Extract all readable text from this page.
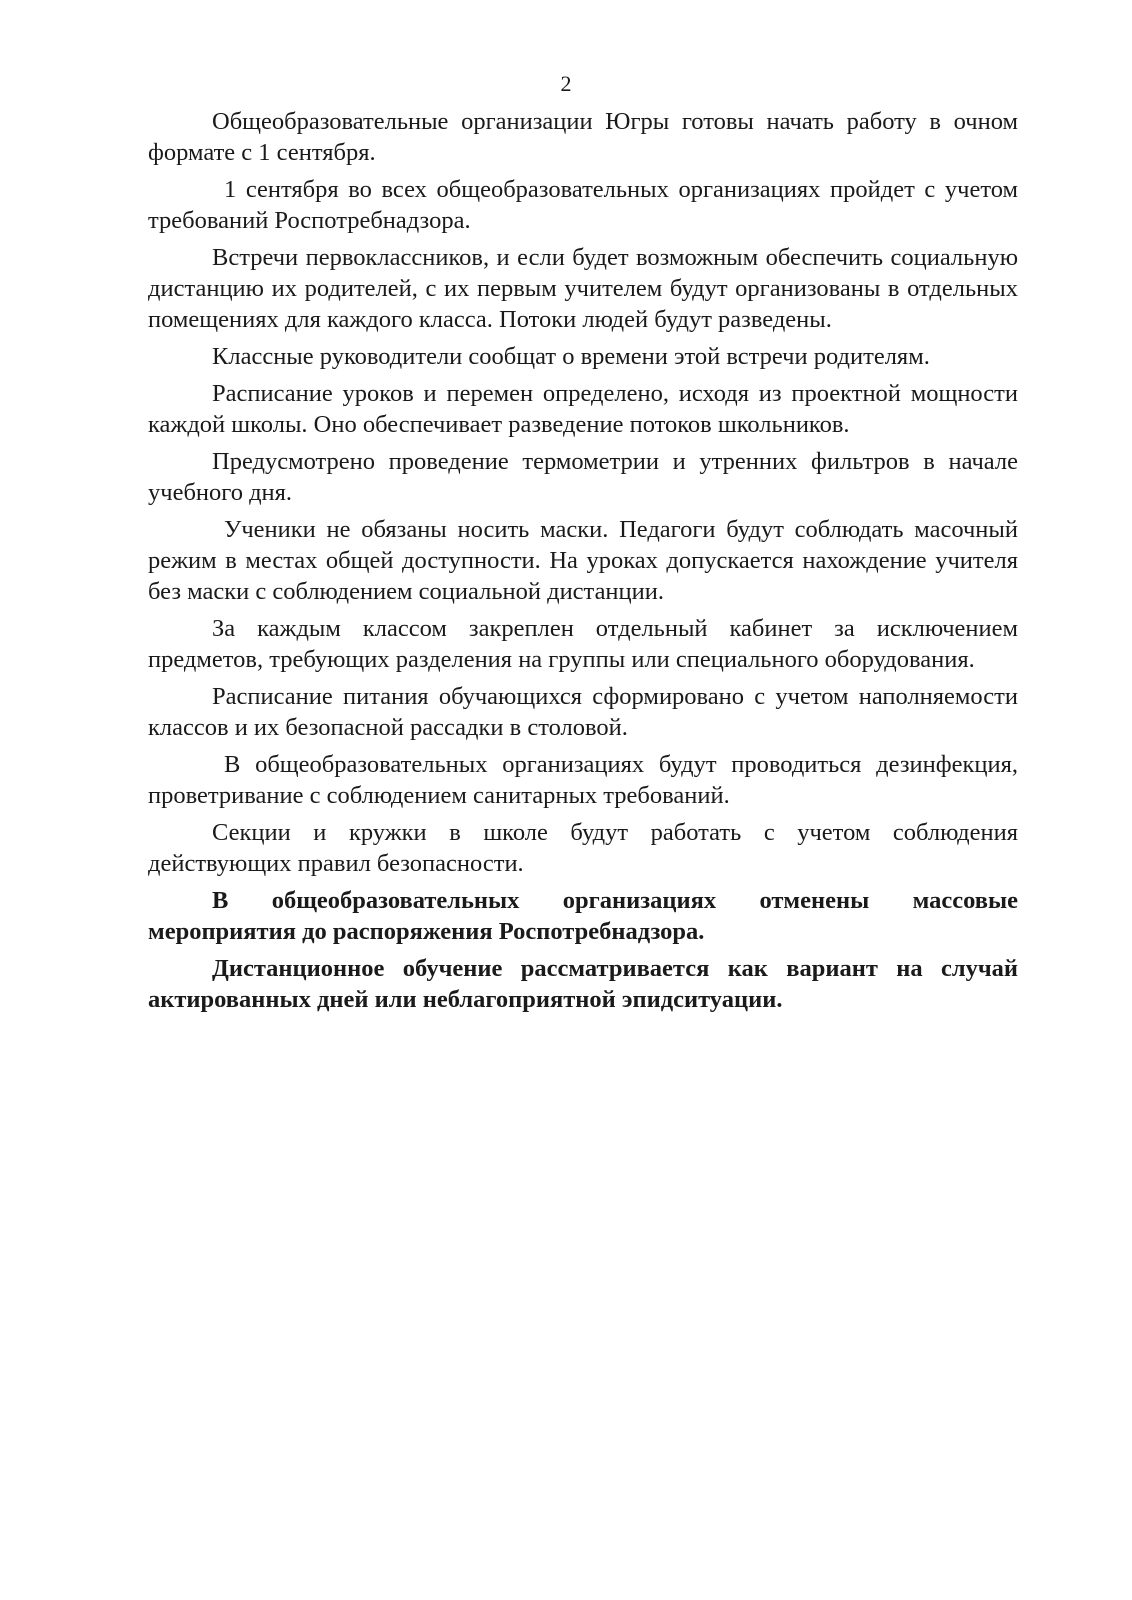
2

Общеобразовательные организации Югры готовы начать работу в очном формате с 1 сентября.

1 сентября во всех общеобразовательных организациях пройдет с учетом требований Роспотребнадзора.

Встречи первоклассников, и если будет возможным обеспечить социальную дистанцию их родителей, с их первым учителем будут организованы в отдельных помещениях для каждого класса. Потоки людей будут разведены.

Классные руководители сообщат о времени этой встречи родителям.

Расписание уроков и перемен определено, исходя из проектной мощности каждой школы. Оно обеспечивает разведение потоков школьников.

Предусмотрено проведение термометрии и утренних фильтров в начале учебного дня.

Ученики не обязаны носить маски. Педагоги будут соблюдать масочный режим в местах общей доступности. На уроках допускается нахождение учителя без маски с соблюдением социальной дистанции.

За каждым классом закреплен отдельный кабинет за исключением предметов, требующих разделения на группы или специального оборудования.

Расписание питания обучающихся сформировано с учетом наполняемости классов и их безопасной рассадки в столовой.

В общеобразовательных организациях будут проводиться дезинфекция, проветривание с соблюдением санитарных требований.

Секции и кружки в школе будут работать с учетом соблюдения действующих правил безопасности.

В общеобразовательных организациях отменены массовые мероприятия до распоряжения Роспотребнадзора.

Дистанционное обучение рассматривается как вариант на случай актированных дней или неблагоприятной эпидситуации.
